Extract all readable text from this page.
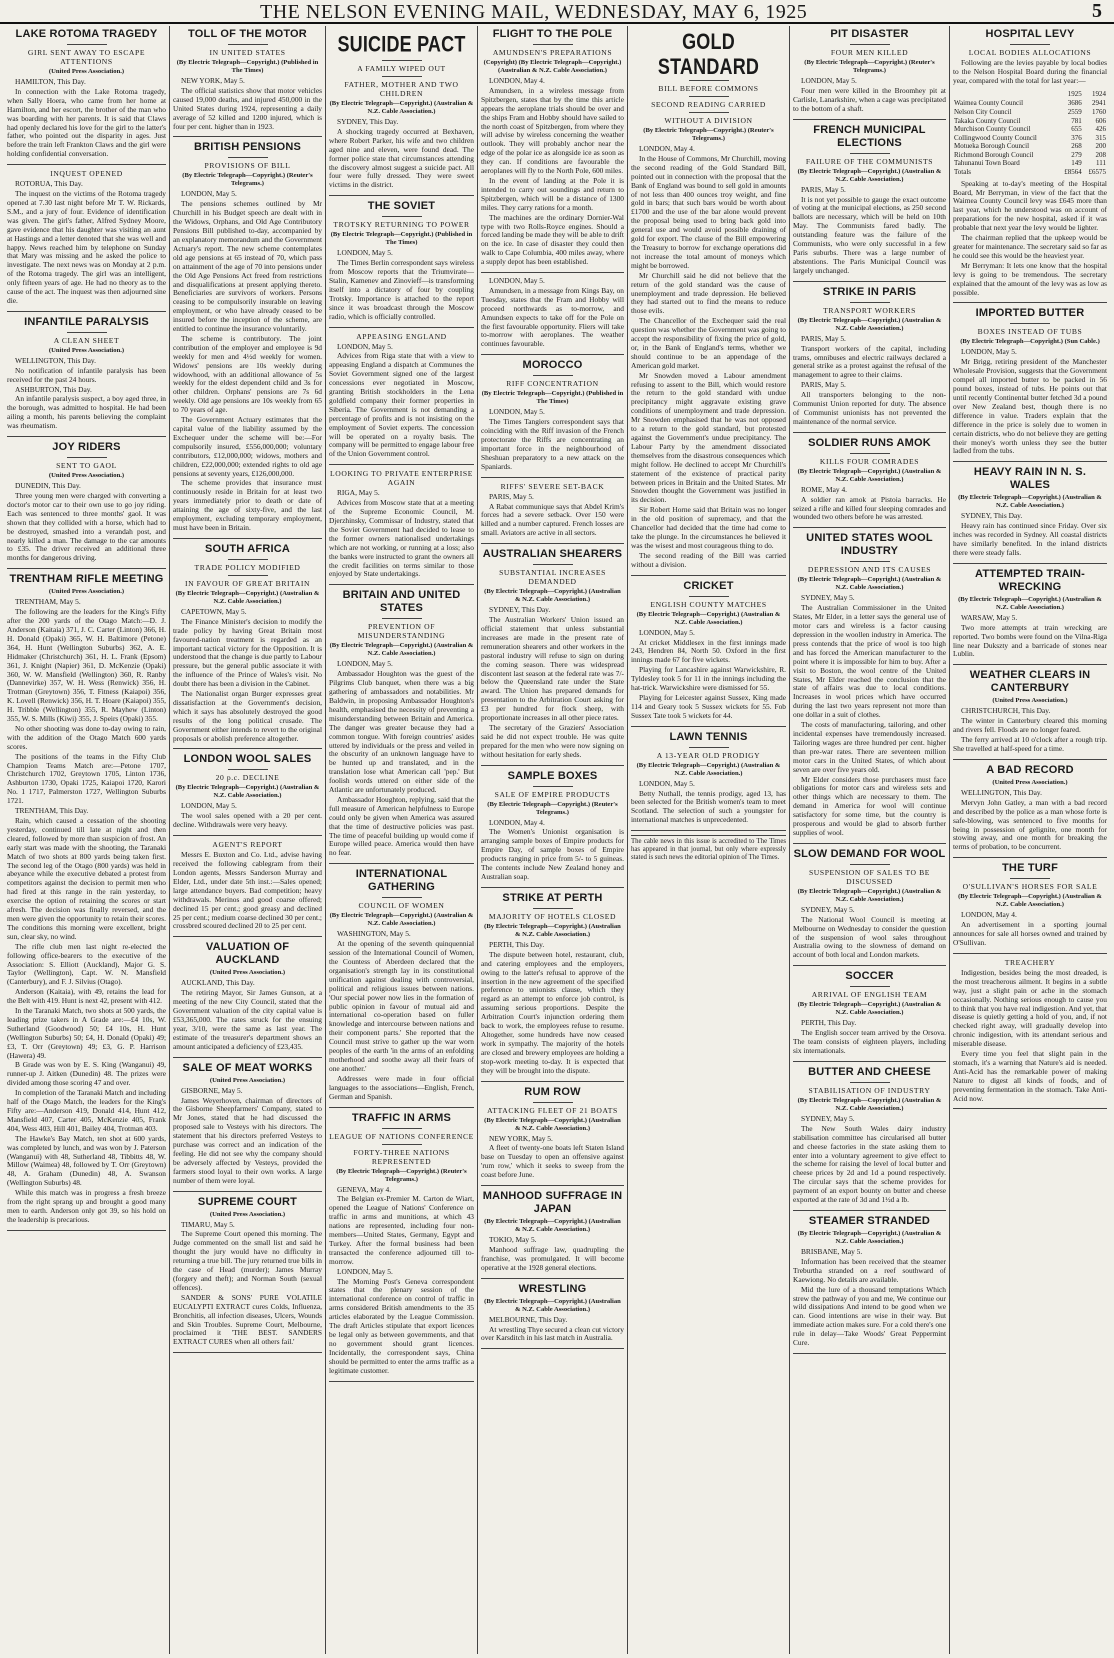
THE NELSON EVENING MAIL, WEDNESDAY, MAY 6, 1925	5
LAKE ROTOMA TRAGEDY
GIRL SENT AWAY TO ESCAPE ATTENTIONS
(United Press Association.)

HAMILTON, This Day.

In connection with the Lake Rotoma tragedy, when Sally Hoera, who came from her home at Hamilton, and her escort, the brother of the man who was boarding with her parents. It is said that Claws had openly declared his love for the girl to the latter's father, who pointed out the disparity in ages. Just before the train left Frankton Claws and the girl were holding confidential conversation.

INQUEST OPENED

ROTORUA, This Day.

The inquest on the victims of the Rotoma tragedy opened at 7.30 last night before Mr T. W. Rickards, S.M., and a jury of four. Evidence of identification was given. The girl's father, Alfred Sydney Moore, gave evidence that his daughter was visiting an aunt at Hastings and a letter denoted that she was well and happy. News reached him by telephone on Sunday that Mary was missing and he asked the police to investigate. The next news was on Monday at 2 p.m. of the Rotoma tragedy. The girl was an intelligent, only fifteen years of age. He had no theory as to the cause of the act. The inquest was then adjourned sine die.

INFANTILE PARALYSIS
A CLEAN SHEET
(United Press Association.)

WELLINGTON, This Day.

No notification of infantile paralysis has been received for the past 24 hours.

ASHBURTON, This Day.

An infantile paralysis suspect, a boy aged three, in the borough, was admitted to hospital. He had been ailing a month, his parents believing the complaint was rheumatism.

JOY RIDERS
SENT TO GAOL
(United Press Association.)

DUNEDIN, This Day.

Three young men were charged with converting a doctor's motor car to their own use to go joy riding. Each was sentenced to three months' gaol. It was shown that they collided with a horse, which had to be destroyed, smashed into a verandah post, and nearly killed a man. The damage to the car amounts to £35. The driver received an additional three months for dangerous driving.

TRENTHAM RIFLE MEETING
(United Press Association.)

TRENTHAM, May 5.

The following are the leaders for the King's Fifty after the 200 yards of the Otago Match:—D. J. Anderson (Kaitaia) 371, J. C. Carter (Linton) 366, H. H. Donald (Opaki) 365, W. H. Baltimore (Petone) 364, H. Hunt (Wellington Suburbs) 362, A. E. Hidmaker (Christchurch) 361, H. L. Frank (Epsom) 361, J. Knight (Napier) 361, D. McKenzie (Opaki) 360, W. W. Mansfield (Wellington) 360, R. Ranby (Dannevirke) 357, W. H. Wess (Renwick) 356, H. Trotman (Greytown) 356, T. Fitness (Kaiapoi) 356, K. Lovell (Renwick) 356, H. T. Hoare (Kaiapoi) 355, H. Tribble (Wellington) 355, R. Mayhew (Linton) 355, W. S. Mills (Kiwi) 355, J. Speirs (Opaki) 355.

No other shooting was done to-day owing to rain, with the addition of the Otago Match 600 yards scores.

The positions of the teams in the Fifty Club Champion Teams Match are:—Petone 1707, Christchurch 1702, Greytown 1705, Linton 1736, Ashburton 1730, Opaki 1725, Kaiapoi 1720, Karori No. 1 1717, Palmerston 1727, Wellington Suburbs 1721.

TRENTHAM, This Day.

Rain, which caused a cessation of the shooting yesterday, continued till late at night and then cleared, followed by more than suspicion of frost. An early start was made with the shooting, the Taranaki Match of two shots at 800 yards being taken first. The second leg of the Otago (800 yards) was held in abeyance while the executive debated a protest from competitors against the decision to permit men who had fired at this range in the rain yesterday, to exercise the option of retaining the scores or start afresh. The decision was finally reversed, and the men were given the opportunity to retain their scores. The conditions this morning were excellent, bright sun, clear sky, no wind.

The rifle club men last night re-elected the following office-bearers to the executive of the Association: S. Elliott (Auckland), Major G. S. Taylor (Wellington), Capt. W. N. Mansfield (Canterbury), and F. J. Silvius (Otago).

Anderson (Kaitaia), with 49, retains the lead for the Belt with 419. Hunt is next 42, present with 412.

In the Taranaki Match, two shots at 500 yards, the leading prize takers in A Grade are:—£4 10s, W. Sutherland (Goodwood) 50; £4 10s, H. Hunt (Wellington Suburbs) 50; £4, H. Donald (Opaki) 49; £3, T. Orr (Greytown) 49; £3, G. P. Harrison (Hawera) 49.

B Grade was won by E. S. King (Wanganui) 49, runner-up J. Aitken (Dunedin) 48. The prizes were divided among those scoring 47 and over.

In completion of the Taranaki Match and including half of the Otago Match, the leaders for the King's Fifty are:—Anderson 419, Donald 414, Hunt 412, Mansfield 407, Carter 405, McKenzie 405, Frank 404, Wess 403, Hill 401, Bailey 404, Trotman 403.

The Hawke's Bay Match, ten shot at 600 yards, was completed by lunch, and was won by J. Paterson (Wanganui) with 48, Sutherland 48, Tibbitts 48, W. Millow (Waimea) 48, followed by T. Orr (Greytown) 48, A. Graham (Dunedin) 48, A. Swanson (Wellington Suburbs) 48.

While this match was in progress a fresh breeze from the right sprang up and brought a good many men to earth. Anderson only got 39, so his hold on the leadership is precarious.

TOLL OF THE MOTOR
IN UNITED STATES
(By Electric Telegraph—Copyright.) (Published in The Times)

NEW YORK, May 5.

The official statistics show that motor vehicles caused 19,000 deaths, and injured 450,000 in the United States during 1924, representing a daily average of 52 killed and 1200 injured, which is four per cent. higher than in 1923.

BRITISH PENSIONS
PROVISIONS OF BILL
(By Electric Telegraph—Copyright.) (Reuter's Telegrams.)

LONDON, May 5.

The pensions schemes outlined by Mr Churchill in his Budget speech are dealt with in the Widows, Orphans, and Old Age Contributory Pensions Bill published to-day, accompanied by an explanatory memorandum and the Government Actuary's report. The new scheme contemplates old age pensions at 65 instead of 70, which pass on attainment of the age of 70 into pensions under the Old Age Pensions Act freed from restrictions and disqualifications at present applying thereto. Beneficiaries are survivors of workers. Persons ceasing to be compulsorily insurable on leaving employment, or who have already ceased to be insured before the inception of the scheme, are entitled to continue the insurance voluntarily.

The scheme is contributory. The joint contribution of the employer and employee is 9d weekly for men and 4½d weekly for women. Widows' pensions are 10s weekly during widowhood, with an additional allowance of 5s weekly for the eldest dependent child and 3s for other children. Orphans' pensions are 7s 6d weekly. Old age pensions are 10s weekly from 65 to 70 years of age.

The Government Actuary estimates that the capital value of the liability assumed by the Exchequer under the scheme will be:—For compulsorily insured, £556,000,000; voluntary contributors, £12,000,000; widows, mothers and children, £22,000,000; extended rights to old age pensions at seventy years, £126,000,000.

The scheme provides that insurance must continuously reside in Britain for at least two years immediately prior to death or date of attaining the age of sixty-five, and the last employment, excluding temporary employment, must have been in Britain.

SOUTH AFRICA
TRADE POLICY MODIFIED
IN FAVOUR OF GREAT BRITAIN
(By Electric Telegraph—Copyright.) (Australian & N.Z. Cable Association.)

CAPETOWN, May 5.

The Finance Minister's decision to modify the trade policy by having Great Britain most favoured-nation treatment is regarded as an important tactical victory for the Opposition. It is understood that the change is due partly to Labour pressure, but the general public associate it with the influence of the Prince of Wales's visit. No doubt there has been a division in the Cabinet.

The Nationalist organ Burger expresses great dissatisfaction at the Government's decision, which it says has absolutely destroyed the good results of the long political crusade. The Government either intends to revert to the original proposals or abolish preference altogether.

LONDON WOOL SALES
20 p.c. DECLINE
(By Electric Telegraph—Copyright.) (Australian & N.Z. Cable Association.)

LONDON, May 5.

The wool sales opened with a 20 per cent. decline. Withdrawals were very heavy.

AGENT'S REPORT

Messrs E. Buxton and Co. Ltd., advise having received the following cablegram from their London agents, Messrs Sanderson Murray and Elder, Ltd., under date 5th inst.:—Sales opened; large attendance buyers. Bad competition; heavy withdrawals. Merinos and good coarse offered; declined 15 per cent.; good greasy and declined 25 per cent.; medium coarse declined 30 per cent.; crossbred scoured declined 20 to 25 per cent.

VALUATION OF AUCKLAND
(United Press Association.)

AUCKLAND, This Day.

The retiring Mayor, Sir James Gunson, at a meeting of the new City Council, stated that the Government valuation of the city capital value is £53,365,000. The rates struck for the ensuing year, 3/10, were the same as last year. The estimate of the treasurer's department shows an amount anticipated a deficiency of £23,435.

SALE OF MEAT WORKS
(United Press Association.)

GISBORNE, May 5.

James Weyerhoven, chairman of directors of the Gisborne Sheepfarmers' Company, stated to Mr Jones, stated that he had discussed the proposed sale to Vesteys with his directors. The statement that his directors preferred Vesteys to purchase was correct and an indication of the feeling. He did not see why the company should be adversely affected by Vesteys, provided the farmers stood loyal to their own works. A large number of them were loyal.

SUPREME COURT
(United Press Association.)

TIMARU, May 5.

The Supreme Court opened this morning. The Judge commented on the small list and said he thought the jury would have no difficulty in returning a true bill. The jury returned true bills in the case of Head (murder); James Murray (forgery and theft); and Norman South (sexual offences).

SANDER & SONS' PURE VOLATILE EUCALYPTI EXTRACT cures Colds, Influenza, Bronchitis, all infection diseases, Ulcers, Wounds and Skin Troubles. Supreme Court, Melbourne, proclaimed it 'THE BEST. SANDERS EXTRACT CURES when all others fail.'

SUICIDE PACT
A FAMILY WIPED OUT
FATHER, MOTHER AND TWO CHILDREN
(By Electric Telegraph—Copyright.) (Australian & N.Z. Cable Association.)

SYDNEY, This Day.

A shocking tragedy occurred at Bexhaven, where Robert Parker, his wife and two children aged nine and eleven, were found dead. The former police state that circumstances attending the discovery almost suggest a suicide pact. All four were fully dressed. They were sweet victims in the district.

THE SOVIET
TROTSKY RETURNING TO POWER
(By Electric Telegraph—Copyright.) (Published in The Times)

LONDON, May 5.

The Times Berlin correspondent says wireless from Moscow reports that the Triumvirate—Stalin, Kamenev and Zinovieff—is transforming itself into a dictatory of four by coupling Trotsky. Importance is attached to the report since it was broadcast through the Moscow radio, which is officially controlled.

APPEASING ENGLAND

LONDON, May 5.

Advices from Riga state that with a view to appeasing England a dispatch at Communes the Soviet Government signed one of the largest concessions ever negotiated in Moscow, granting British stockholders in the Lena goldfield company their former properties in Siberia. The Government is not demanding a percentage of profits and is not insisting on the employment of Soviet experts. The concession will be operated on a royalty basis. The company will be permitted to engage labour free of the Union Government control.

LOOKING TO PRIVATE ENTERPRISE AGAIN

RIGA, May 5.

Advices from Moscow state that at a meeting of the Supreme Economic Council, M. Djerzhinsky, Commissar of Industry, stated that the Soviet Government had decided to lease to the former owners nationalised undertakings which are not working, or running at a loss; also the banks were instructed to grant the owners all the credit facilities on terms similar to those enjoyed by State undertakings.

BRITAIN AND UNITED STATES
PREVENTION OF MISUNDERSTANDING
(By Electric Telegraph—Copyright.) (Australian & N.Z. Cable Association.)

LONDON, May 5.

Ambassador Houghton was the guest of the Pilgrims Club banquet, when there was a big gathering of ambassadors and notabilities. Mr Baldwin, in proposing Ambassador Houghton's health, emphasised the necessity of preventing a misunderstanding between Britain and America. The danger was greater because they had a common tongue. With foreign countries' asides uttered by individuals or the press and veiled in the obscurity of an unknown language have to be hunted up and translated, and in the translation lose what American call 'pep.' But foolish words uttered on either side of the Atlantic are unfortunately produced.

Ambassador Houghton, replying, said that the full measure of American helpfulness to Europe could only be given when America was assured that the time of destructive policies was past. The time of peaceful building up would come if Europe willed peace. America would then have no fear.

INTERNATIONAL GATHERING
COUNCIL OF WOMEN
(By Electric Telegraph—Copyright.) (Australian & N.Z. Cable Association.)

WASHINGTON, May 5.

At the opening of the seventh quinquennial session of the International Council of Women, the Countess of Aberdeen declared that the organisation's strength lay in its constitutional unification against dealing with controversial, political and religious issues between nations. 'Our special power now lies in the formation of public opinion in favour of mutual aid and international co-operation based on fuller knowledge and intercourse between nations and their component parts.' She reported that the Council must strive to gather up the war worn peoples of the earth 'in the arms of an enfolding motherhood and soothe away all their fears of one another.'

Addresses were made in four official languages to the associations—English, French, German and Spanish.

TRAFFIC IN ARMS
LEAGUE OF NATIONS CONFERENCE
FORTY-THREE NATIONS REPRESENTED
(By Electric Telegraph—Copyright.) (Reuter's Telegrams.)

GENEVA, May 4.

The Belgian ex-Premier M. Carton de Wiart, opened the League of Nations' Conference on traffic in arms and munitions, at which 43 nations are represented, including four non-members—United States, Germany, Egypt and Turkey. After the formal business had been transacted the conference adjourned till to-morrow.

LONDON, May 5.

The Morning Post's Geneva correspondent states that the plenary session of the international conference on control of traffic in arms considered British amendments to the 35 articles elaborated by the League Commission. The draft Articles stipulate that export licences be legal only as between governments, and that no government should grant licences. Incidentally, the correspondent says, China should be permitted to enter the arms traffic as a legitimate customer.

FLIGHT TO THE POLE
AMUNDSEN'S PREPARATIONS
(Copyright) (By Electric Telegraph—Copyright.) (Australian & N.Z. Cable Association.)

LONDON, May 4.

Amundsen, in a wireless message from Spitzbergen, states that by the time this article appears the aeroplane trials should be over and the ships Fram and Hobby should have sailed to the north coast of Spitzbergen, from where they will advise by wireless concerning the weather outlook. They will probably anchor near the edge of the polar ice as alongside ice as soon as they can. If conditions are favourable the aeroplanes will fly to the North Pole, 600 miles.

In the event of landing at the Pole it is intended to carry out soundings and return to Spitzbergen, which will be a distance of 1300 miles. They carry rations for a month.

The machines are the ordinary Dornier-Wal type with two Rolls-Royce engines. Should a forced landing be made they will be able to drift on the ice. In case of disaster they could then walk to Cape Columbia, 400 miles away, where a supply depot has been established.

LONDON, May 5.

Amundsen, in a message from Kings Bay, on Tuesday, states that the Fram and Hobby will proceed northwards as to-morrow, and Amundsen expects to take off for the Pole on the first favourable opportunity. Fliers will take to-morrow with aeroplanes. The weather continues favourable.

MOROCCO
RIFF CONCENTRATION
(By Electric Telegraph—Copyright.) (Published in The Times)

LONDON, May 5.

The Times Tangiers correspondent says that coinciding with the Riff invasion of the French protectorate the Riffs are concentrating an important force in the neighbourhood of Sheshuan preparatory to a new attack on the Spaniards.

RIFFS' SEVERE SET-BACK

PARIS, May 5.

A Rabat communique says that Abdel Krim's forces had a severe setback. Over 150 were killed and a number captured. French losses are small. Aviators are active in all sectors.

AUSTRALIAN SHEARERS
SUBSTANTIAL INCREASES DEMANDED
(By Electric Telegraph—Copyright.) (Australian & N.Z. Cable Association.)

SYDNEY, This Day.

The Australian Workers' Union issued an official statement that unless substantial increases are made in the present rate of remuneration shearers and other workers in the pastoral industry will refuse to sign on during the coming season. There was widespread discontent last season at the federal rate was 7/- below the Queensland rate under the State award. The Union has prepared demands for presentation to the Arbitration Court asking for £3 per hundred for flock sheep, with proportionate increases in all other piece rates.

The secretary of the Graziers' Association said he did not expect trouble. He was quite prepared for the men who were now signing on without hesitation for early sheds.

SAMPLE BOXES
SALE OF EMPIRE PRODUCTS
(By Electric Telegraph—Copyright.) (Reuter's Telegrams.)

LONDON, May 4.

The Women's Unionist organisation is arranging sample boxes of Empire products for Empire Day, of sample boxes of Empire products ranging in price from 5/- to 5 guineas. The contents include New Zealand honey and Australian soap.

STRIKE AT PERTH
MAJORITY OF HOTELS CLOSED
(By Electric Telegraph—Copyright.) (Australian & N.Z. Cable Association.)

PERTH, This Day.

The dispute between hotel, restaurant, club, and catering employees and the employers, owing to the latter's refusal to approve of the insertion in the new agreement of the specified preference to unionists clause, which they regard as an attempt to enforce job control, is assuming serious proportions. Despite the Arbitration Court's injunction ordering them back to work, the employees refuse to resume. Altogether, some hundreds have now ceased work in sympathy. The majority of the hotels are closed and brewery employees are holding a stop-work meeting to-day. It is expected that they will be brought into the dispute.

RUM ROW
ATTACKING FLEET OF 21 BOATS
(By Electric Telegraph—Copyright.) (Australian & N.Z. Cable Association.)

NEW YORK, May 5.

A fleet of twenty-one boats left Staten Island base on Tuesday to open an offensive against 'rum row,' which it seeks to sweep from the coast before June.

MANHOOD SUFFRAGE IN JAPAN
(By Electric Telegraph—Copyright.) (Australian & N.Z. Cable Association.)

TOKIO, May 5.

Manhood suffrage law, quadrupling the franchise, was promulgated. It will become operative at the 1928 general elections.

WRESTLING
(By Electric Telegraph—Copyright.) (Australian & N.Z. Cable Association.)

MELBOURNE, This Day.

At wrestling Thye secured a clean cut victory over Karsditch in his last match in Australia.

GOLD STANDARD
BILL BEFORE COMMONS
SECOND READING CARRIED
WITHOUT A DIVISION
(By Electric Telegraph—Copyright.) (Reuter's Telegrams.)

LONDON, May 4.

In the House of Commons, Mr Churchill, moving the second reading of the Gold Standard Bill, pointed out in connection with the proposal that the Bank of England was bound to sell gold in amounts of not less than 400 ounces troy weight, and fine gold in bars; that such bars would be worth about £1700 and the use of the bar alone would prevent the proposal being used to bring back gold into general use and would avoid possible draining of gold for export. The clause of the Bill empowering the Treasury to borrow for exchange operations did not increase the total amount of moneys which might be borrowed.

Mr Churchill said he did not believe that the return of the gold standard was the cause of unemployment and trade depression. He believed they had started out to find the means to reduce those evils.

The Chancellor of the Exchequer said the real question was whether the Government was going to accept the responsibility of fixing the price of gold, or, in the Bank of England's terms, whether we should continue to be an appendage of the American gold market.

Mr Snowden moved a Labour amendment refusing to assent to the Bill, which would restore the return to the gold standard with undue precipitancy might aggravate existing grave conditions of unemployment and trade depression. Mr Snowden emphasised that he was not opposed to a return to the gold standard, but protested against the Government's undue precipitancy. The Labour Party by the amendment dissociated themselves from the disastrous consequences which might follow. He declined to accept Mr Churchill's statement of the existence of practical parity between prices in Britain and the United States. Mr Snowden thought the Government was justified in its decision.

Sir Robert Horne said that Britain was no longer in the old position of supremacy, and that the Chancellor had decided that the time had come to take the plunge. In the circumstances he believed it was the wisest and most courageous thing to do.

The second reading of the Bill was carried without a division.

CRICKET
ENGLISH COUNTY MATCHES
(By Electric Telegraph—Copyright.) (Australian & N.Z. Cable Association.)

LONDON, May 5.

At cricket Middlesex in the first innings made 243, Hendren 84, North 50. Oxford in the first innings made 67 for five wickets.

Playing for Lancashire against Warwickshire, R. Tyldesley took 5 for 11 in the innings including the hat-trick. Warwickshire were dismissed for 55.

Playing for Leicester against Sussex, King made 114 and Geary took 5 Sussex wickets for 55. Fob Sussex Tate took 5 wickets for 44.

LAWN TENNIS
A 13-YEAR OLD PRODIGY
(By Electric Telegraph—Copyright.) (Australian & N.Z. Cable Association.)

LONDON, May 5.

Betty Nuthall, the tennis prodigy, aged 13, has been selected for the British women's team to meet Scotland. The selection of such a youngster for international matches is unprecedented.

The cable news in this issue is accredited to The Times has appeared in that journal, but only where expressly stated is such news the editorial opinion of The Times.
PIT DISASTER
FOUR MEN KILLED
(By Electric Telegraph—Copyright.) (Reuter's Telegrams.)

LONDON, May 5.

Four men were killed in the Broomhey pit at Carlisle, Lanarkshire, when a cage was precipitated to the bottom of a shaft.

FRENCH MUNICIPAL ELECTIONS
FAILURE OF THE COMMUNISTS
(By Electric Telegraph—Copyright.) (Australian & N.Z. Cable Association.)

PARIS, May 5.

It is not yet possible to gauge the exact outcome of voting at the municipal elections, as 250 second ballots are necessary, which will be held on 10th May. The Communists fared badly. The outstanding feature was the failure of the Communists, who were only successful in a few Paris suburbs. There was a large number of abstentions. The Paris Municipal Council was largely unchanged.

STRIKE IN PARIS
TRANSPORT WORKERS
(By Electric Telegraph—Copyright.) (Australian & N.Z. Cable Association.)

PARIS, May 5.

Transport workers of the capital, including trams, omnibuses and electric railways declared a general strike as a protest against the refusal of the management to agree to their claims.

PARIS, May 5.

All transporters belonging to the non-Communist Union reported for duty. The absence of Communist unionists has not prevented the maintenance of the normal service.

SOLDIER RUNS AMOK
KILLS FOUR COMRADES
(By Electric Telegraph—Copyright.) (Australian & N.Z. Cable Association.)

ROME, May 4.

A soldier ran amok at Pistoia barracks. He seized a rifle and killed four sleeping comrades and wounded two others before he was arrested.

UNITED STATES WOOL INDUSTRY
DEPRESSION AND ITS CAUSES
(By Electric Telegraph—Copyright.) (Australian & N.Z. Cable Association.)

SYDNEY, May 5.

The Australian Commissioner in the United States, Mr Elder, in a letter says the general use of motor cars and wireless is a factor causing depression in the woollen industry in America. The press contends that the price of wool is too high and has forced the American manufacturer to the point where it is impossible for him to buy. After a visit to Boston, the wool centre of the United States, Mr Elder reached the conclusion that the state of affairs was due to local conditions. Increases in wool prices which have occurred during the last two years represent not more than one dollar in a suit of clothes.

The costs of manufacturing, tailoring, and other incidental expenses have tremendously increased. Tailoring wages are three hundred per cent. higher than pre-war rates. There are seventeen million motor cars in the United States, of which about seven are over five years old.

Mr Elder considers those purchasers must face obligations for motor cars and wireless sets and other things which are necessary to them. The demand in America for wool will continue satisfactory for some time, but the country is prosperous and would be glad to absorb further supplies of wool.

SLOW DEMAND FOR WOOL
SUSPENSION OF SALES TO BE DISCUSSED
(By Electric Telegraph—Copyright.) (Australian & N.Z. Cable Association.)

SYDNEY, May 5.

The National Wool Council is meeting at Melbourne on Wednesday to consider the question of the suspension of wool sales throughout Australia owing to the slowness of demand on account of both local and London markets.

SOCCER
ARRIVAL OF ENGLISH TEAM
(By Electric Telegraph—Copyright.) (Australian & N.Z. Cable Association.)

PERTH, This Day.

The English soccer team arrived by the Orsova. The team consists of eighteen players, including six internationals.

BUTTER AND CHEESE
STABILISATION OF INDUSTRY
(By Electric Telegraph—Copyright.) (Australian & N.Z. Cable Association.)

SYDNEY, May 5.

The New South Wales dairy industry stabilisation committee has circularised all butter and cheese factories in the state asking them to enter into a voluntary agreement to give effect to the scheme for raising the level of local butter and cheese prices by 2d and 1d a pound respectively. The circular says that the scheme provides for payment of an export bounty on butter and cheese exported at the rate of 3d and 1½d a lb.

STEAMER STRANDED
(By Electric Telegraph—Copyright.) (Australian & N.Z. Cable Association.)

BRISBANE, May 5.

Information has been received that the steamer Treburtha stranded on a reef southward of Kaewiong. No details are available.

Mid the lure of a thousand temptations Which strew the pathway of you and me, We continue our wild dissipations And intend to be good when we can. Good intentions are wise in their way. But immediate action makes sure. For a cold there's one rule in delay—Take Woods' Great Peppermint Cure.

HOSPITAL LEVY
LOCAL BODIES ALLOCATIONS

Following are the levies payable by local bodies to the Nelson Hospital Board during the financial year, compared with the total for last year:—

	1925	1924
Waimea County Council	3686	2941
Nelson City Council	2559	1760
Takaka County Council	781	606
Murchison County Council	655	426
Collingwood County Council	376	315
Motueka Borough Council	268	200
Richmond Borough Council	279	208
Tahunanui Town Board	149	111
Totals	£8564	£6575

Speaking at to-day's meeting of the Hospital Board, Mr Berryman, in view of the fact that the Waimea County Council levy was £645 more than last year, which he understood was on account of preparations for the new hospital, asked if it was probable that next year the levy would be lighter.

The chairman replied that the upkeep would be greater for maintenance. The secretary said so far as he could see this would be the heaviest year.

Mr Berryman: It lets one know that the hospital levy is going to be tremendous. The secretary explained that the amount of the levy was as low as possible.

IMPORTED BUTTER
BOXES INSTEAD OF TUBS
(By Electric Telegraph—Copyright.) (Sun Cable.)

LONDON, May 5.

Mr Brigg, retiring president of the Manchester Wholesale Provision, suggests that the Government compel all imported butter to be packed in 56 pound boxes, instead of tubs. He points out that until recently Continental butter fetched 3d a pound over New Zealand best, though there is no difference in value. Traders explain that the difference in the price is solely due to women in certain districts, who do not believe they are getting their money's worth unless they see the butter ladled from the tubs.

HEAVY RAIN IN N. S. WALES
(By Electric Telegraph—Copyright.) (Australian & N.Z. Cable Association.)

SYDNEY, This Day.

Heavy rain has continued since Friday. Over six inches was recorded in Sydney. All coastal districts have similarly benefited. In the inland districts there were steady falls.

ATTEMPTED TRAIN-WRECKING
(By Electric Telegraph—Copyright.) (Australian & N.Z. Cable Association.)

WARSAW, May 5.

Two more attempts at train wrecking are reported. Two bombs were found on the Vilna-Riga line near Dukszty and a barricade of stones near Lublin.

WEATHER CLEARS IN CANTERBURY
(United Press Association.)

CHRISTCHURCH, This Day.

The winter in Canterbury cleared this morning and rivers fell. Floods are no longer feared.

The ferry arrived at 10 o'clock after a rough trip. She travelled at half-speed for a time.

A BAD RECORD
(United Press Association.)

WELLINGTON, This Day.

Mervyn John Gatley, a man with a bad record and described by the police as a man whose forte is safe-blowing, was sentenced to five months for being in possession of gelignite, one month for stowing away, and one month for breaking the terms of probation, to be concurrent.

THE TURF
O'SULLIVAN'S HORSES FOR SALE
(By Electric Telegraph—Copyright.) (Australian & N.Z. Cable Association.)

LONDON, May 4.

An advertisement in a sporting journal announces for sale all horses owned and trained by O'Sullivan.

TREACHERY

Indigestion, besides being the most dreaded, is the most treacherous ailment. It begins in a subtle way, just a slight pain or ache in the stomach occasionally. Nothing serious enough to cause you to think that you have real indigestion. And yet, that disease is quietly getting a hold of you, and, if not checked right away, will gradually develop into chronic indigestion, with its attendant serious and miserable disease.

Every time you feel that slight pain in the stomach, it's a warning that Nature's aid is needed. Anti-Acid has the remarkable power of making Nature to digest all kinds of foods, and of preventing fermentation in the stomach. Take Anti-Acid now.
